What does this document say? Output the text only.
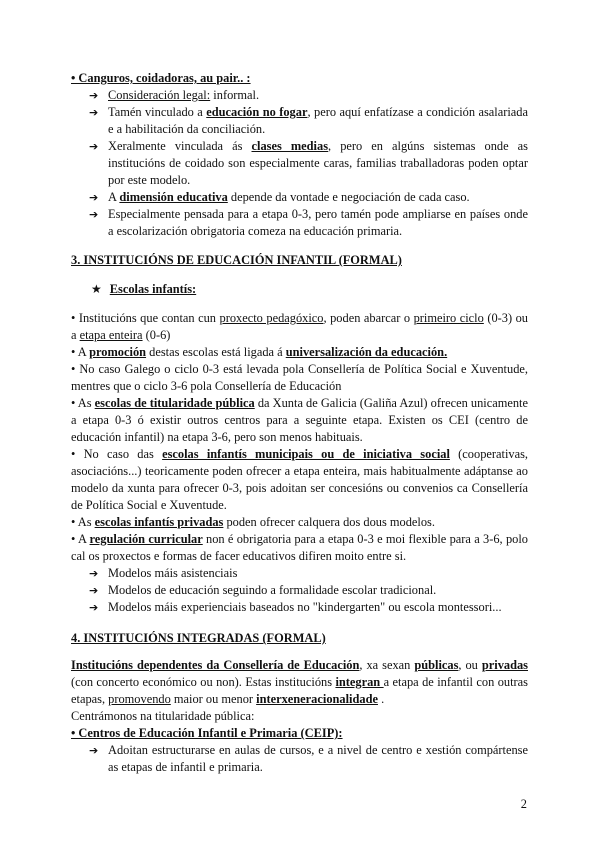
• Canguros, coidadoras, au pair.. :

➔ Consideración legal: informal.
➔ Tamén vinculado a educación no fogar, pero aquí enfatízase a condición asalariada e a habilitación da conciliación.
➔ Xeralmente vinculada ás clases medias, pero en algúns sistemas onde as institucións de coidado son especialmente caras, familias traballadoras poden optar por este modelo.
➔ A dimensión educativa depende da vontade e negociación de cada caso.
➔ Especialmente pensada para a etapa 0-3, pero tamén pode ampliarse en países onde a escolarización obrigatoria comeza na educación primaria.

3. INSTITUCIÓNS DE EDUCACIÓN INFANTIL (FORMAL)

★ Escolas infantís:

• Institucións que contan cun proxecto pedagóxico, poden abarcar o primeiro ciclo (0-3) ou a etapa enteira (0-6)

• A promoción destas escolas está ligada á universalización da educación.

• No caso Galego o ciclo 0-3 está levada pola Consellería de Política Social e Xuventude, mentres que o ciclo 3-6 pola Consellería de Educación

• As escolas de titularidade pública da Xunta de Galicia (Galiña Azul) ofrecen unicamente a etapa 0-3 ó existir outros centros para a seguinte etapa. Existen os CEI (centro de educación infantil) na etapa 3-6, pero son menos habituais.

• No caso das escolas infantís municipais ou de iniciativa social (cooperativas, asociacións...) teoricamente poden ofrecer a etapa enteira, mais habitualmente adáptanse ao modelo da xunta para ofrecer 0-3, pois adoitan ser concesións ou convenios ca Consellería de Política Social e Xuventude.

• As escolas infantís privadas poden ofrecer calquera dos dous modelos.

• A regulación curricular non é obrigatoria para a etapa 0-3 e moi flexible para a 3-6, polo cal os proxectos e formas de facer educativos difiren moito entre si.

➔ Modelos máis asistenciais
➔ Modelos de educación seguindo a formalidade escolar tradicional.
➔ Modelos máis experienciais baseados no "kindergarten" ou escola montessori...

4. INSTITUCIÓNS INTEGRADAS (FORMAL)

Institucións dependentes da Consellería de Educación, xa sexan públicas, ou privadas (con concerto económico ou non). Estas institucións integran a etapa de infantil con outras etapas, promovendo maior ou menor interxeneracionalidade .

Centrámonos na titularidade pública:

• Centros de Educación Infantil e Primaria (CEIP):

➔ Adoitan estructurarse en aulas de cursos, e a nivel de centro e xestión compártense as etapas de infantil e primaria.
2
